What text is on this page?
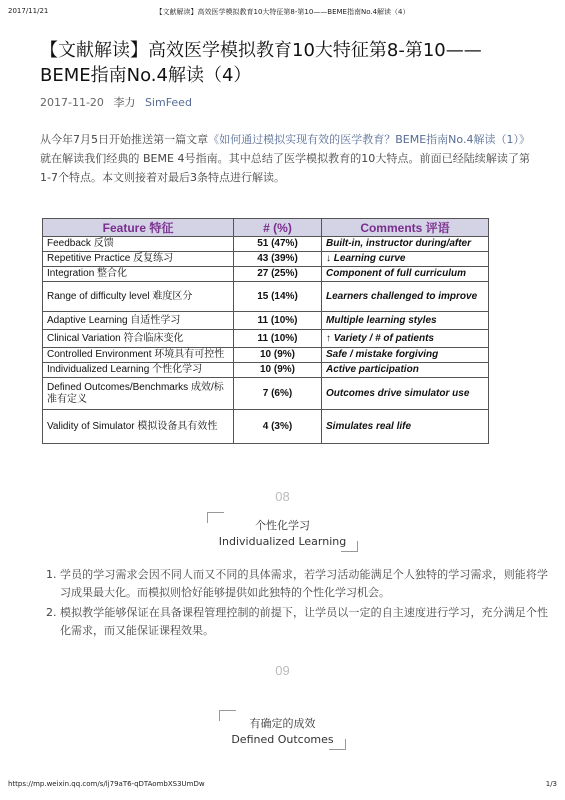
2017/11/21	【文献解读】高效医学模拟教育10大特征第8-第10——BEME指南No.4解读（4）
【文献解读】高效医学模拟教育10大特征第8-第10——BEME指南No.4解读（4）
2017-11-20 李力 SimFeed

从今年7月5日开始推送第一篇文章《如何通过模拟实现有效的医学教育？BEME指南No.4解读（1）》就在解读我们经典的 BEME 4号指南。其中总结了医学模拟教育的10大特点。前面已经陆续解读了第1-7个特点。本文则接着对最后3条特点进行解读。

Feature 特征	# (%)	Comments 评语
Feedback 反馈	51 (47%)	Built-in, instructor during/after
Repetitive Practice 反复练习	43 (39%)	↓ Learning curve
Integration 整合化	27 (25%)	Component of full curriculum
Range of difficulty level 难度区分	15 (14%)	Learners challenged to improve
Adaptive Learning 自适性学习	11 (10%)	Multiple learning styles
Clinical Variation 符合临床变化	11 (10%)	↑ Variety / # of patients
Controlled Environment 环境具有可控性	10 (9%)	Safe / mistake forgiving
Individualized Learning 个性化学习	10 (9%)	Active participation
Defined Outcomes/Benchmarks 成效/标准有定义	7 (6%)	Outcomes drive simulator use
Validity of Simulator 模拟设备具有效性	4 (3%)	Simulates real life
08
个性化学习
Individualized Learning
1. 学员的学习需求会因不同人而又不同的具体需求，若学习活动能满足个人独特的学习需求，则能将学习成果最大化。而模拟则恰好能够提供如此独特的个性化学习机会。
2. 模拟教学能够保证在具备课程管理控制的前提下，让学员以一定的自主速度进行学习，充分满足个性化需求，而又能保证课程效果。
09
有确定的成效
Defined Outcomes
https://mp.weixin.qq.com/s/lj79aT6-qDTAombXS3UmDw	1/3
